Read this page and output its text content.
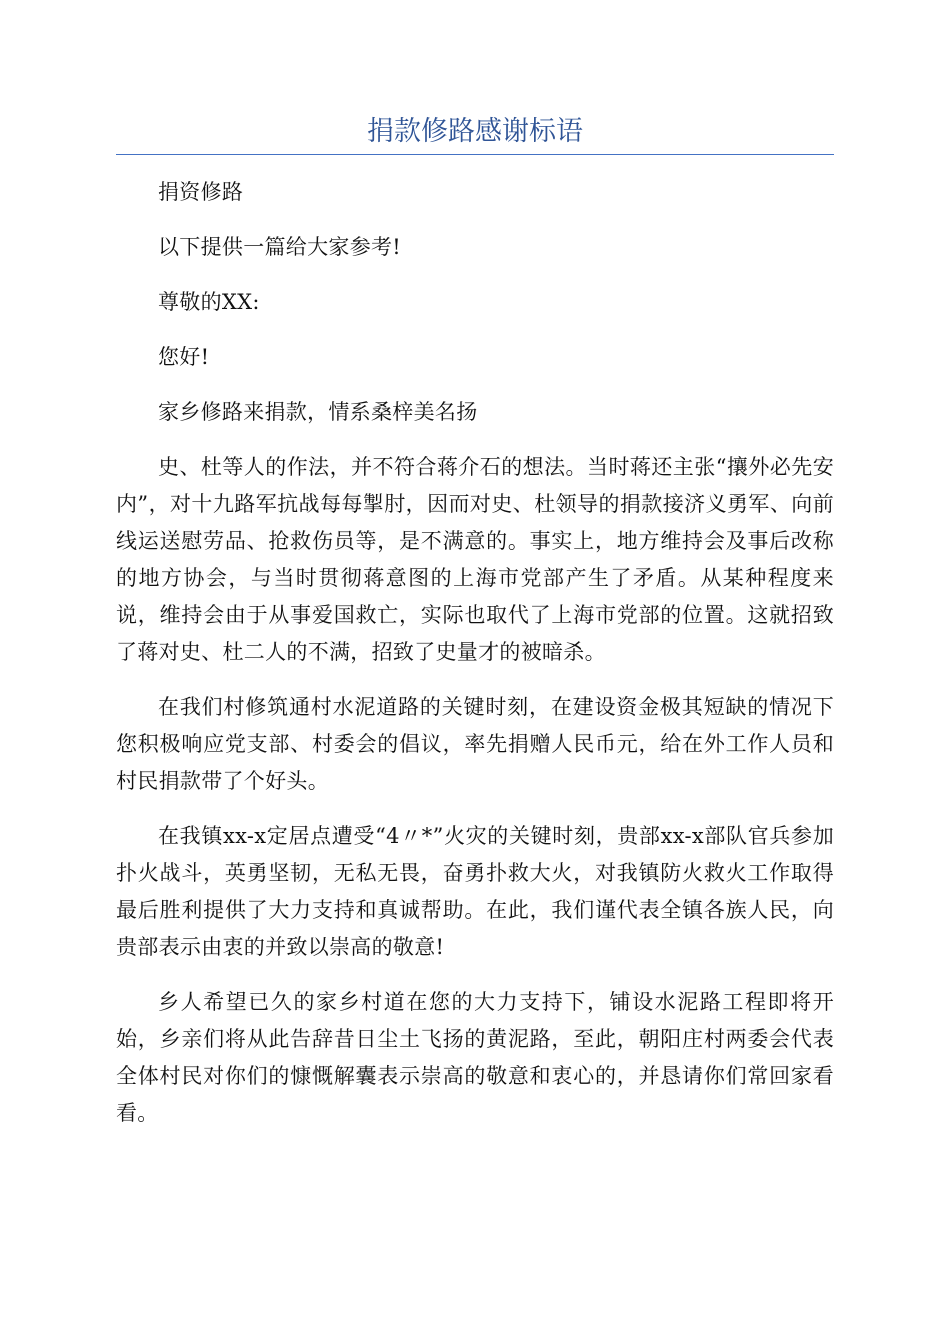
捐款修路感谢标语

捐资修路

以下提供一篇给大家参考!

尊敬的XX:

您好!

家乡修路来捐款，情系桑梓美名扬

史、杜等人的作法，并不符合蒋介石的想法。当时蒋还主张“攘外必先安内”，对十九路军抗战每每掣肘，因而对史、杜领导的捐款接济义勇军、向前线运送慰劳品、抢救伤员等，是不满意的。事实上，地方维持会及事后改称的地方协会，与当时贯彻蒋意图的上海市党部产生了矛盾。从某种程度来说，维持会由于从事爱国救亡，实际也取代了上海市党部的位置。这就招致了蒋对史、杜二人的不满，招致了史量才的被暗杀。

在我们村修筑通村水泥道路的关键时刻，在建设资金极其短缺的情况下您积极响应党支部、村委会的倡议，率先捐赠人民币元，给在外工作人员和村民捐款带了个好头。

在我镇xx-x定居点遭受“4〃*”火灾的关键时刻，贵部xx-x部队官兵参加扑火战斗，英勇坚韧，无私无畏，奋勇扑救大火，对我镇防火救火工作取得最后胜利提供了大力支持和真诚帮助。在此，我们谨代表全镇各族人民，向贵部表示由衷的并致以崇高的敬意!

乡人希望已久的家乡村道在您的大力支持下，铺设水泥路工程即将开始，乡亲们将从此告辞昔日尘土飞扬的黄泥路，至此，朝阳庄村两委会代表全体村民对你们的慷慨解囊表示崇高的敬意和衷心的，并恳请你们常回家看看。
